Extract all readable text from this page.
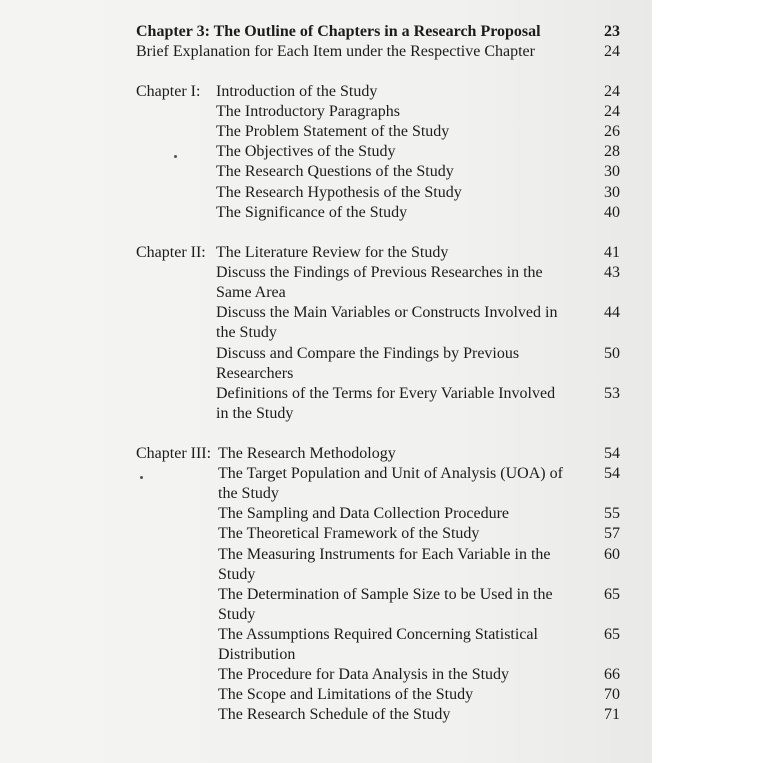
Chapter 3: The Outline of Chapters in a Research Proposal	23
Brief Explanation for Each Item under the Respective Chapter	24
Chapter I: Introduction of the Study	24
The Introductory Paragraphs	24
The Problem Statement of the Study	26
The Objectives of the Study	28
The Research Questions of the Study	30
The Research Hypothesis of the Study	30
The Significance of the Study	40
Chapter II: The Literature Review for the Study	41
Discuss the Findings of Previous Researches in the	43
Same Area
Discuss the Main Variables or Constructs Involved in	44
the Study
Discuss and Compare the Findings by Previous	50
Researchers
Definitions of the Terms for Every Variable Involved	53
in the Study
Chapter III: The Research Methodology	54
The Target Population and Unit of Analysis (UOA) of	54
the Study
The Sampling and Data Collection Procedure	55
The Theoretical Framework of the Study	57
The Measuring Instruments for Each Variable in the	60
Study
The Determination of Sample Size to be Used in the	65
Study
The Assumptions Required Concerning Statistical	65
Distribution
The Procedure for Data Analysis in the Study	66
The Scope and Limitations of the Study	70
The Research Schedule of the Study	71
